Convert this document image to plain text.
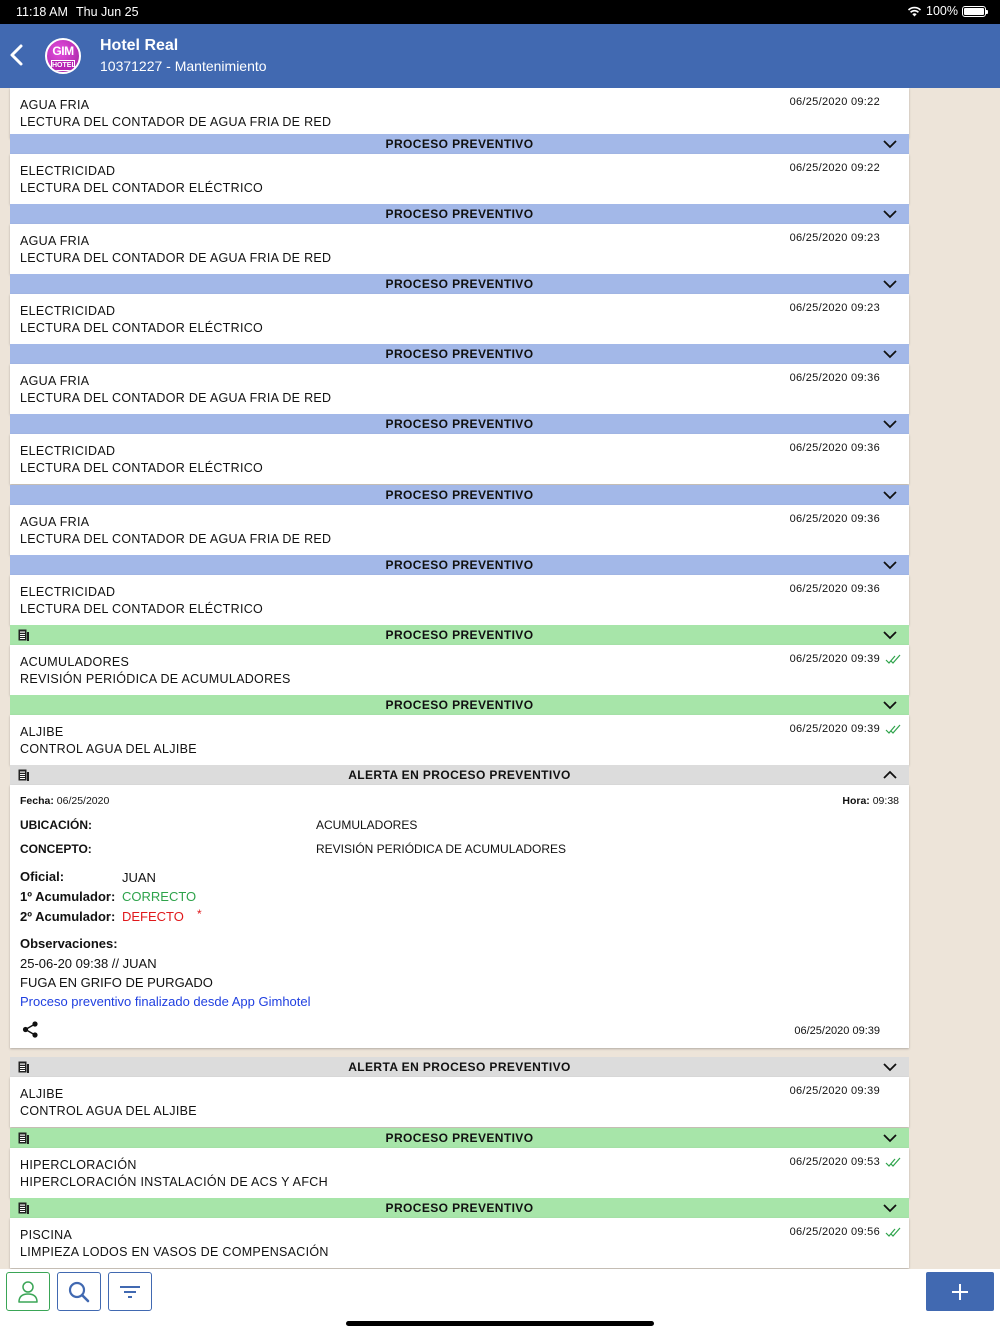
11:18 AM Thu Jun 25	100%
GIM
HOTEL
Hotel Real
10371227 - Mantenimiento
AGUA FRIA
LECTURA DEL CONTADOR DE AGUA FRIA DE RED
06/25/2020 09:22
PROCESO PREVENTIVO
ELECTRICIDAD
LECTURA DEL CONTADOR ELÉCTRICO
06/25/2020 09:22
PROCESO PREVENTIVO
AGUA FRIA
LECTURA DEL CONTADOR DE AGUA FRIA DE RED
06/25/2020 09:23
PROCESO PREVENTIVO
ELECTRICIDAD
LECTURA DEL CONTADOR ELÉCTRICO
06/25/2020 09:23
PROCESO PREVENTIVO
AGUA FRIA
LECTURA DEL CONTADOR DE AGUA FRIA DE RED
06/25/2020 09:36
PROCESO PREVENTIVO
ELECTRICIDAD
LECTURA DEL CONTADOR ELÉCTRICO
06/25/2020 09:36
PROCESO PREVENTIVO
AGUA FRIA
LECTURA DEL CONTADOR DE AGUA FRIA DE RED
06/25/2020 09:36
PROCESO PREVENTIVO
ELECTRICIDAD
LECTURA DEL CONTADOR ELÉCTRICO
06/25/2020 09:36
PROCESO PREVENTIVO
ACUMULADORES
REVISIÓN PERIÓDICA DE ACUMULADORES
06/25/2020 09:39
PROCESO PREVENTIVO
ALJIBE
CONTROL AGUA DEL ALJIBE
06/25/2020 09:39
ALERTA EN PROCESO PREVENTIVO
Fecha: 06/25/2020	Hora: 09:38
UBICACIÓN:	ACUMULADORES
CONCEPTO:	REVISIÓN PERIÓDICA DE ACUMULADORES
Oficial:	JUAN
1º Acumulador: CORRECTO
2º Acumulador: DEFECTO *
Observaciones:
25-06-20 09:38 // JUAN
FUGA EN GRIFO DE PURGADO
Proceso preventivo finalizado desde App Gimhotel
06/25/2020 09:39
ALERTA EN PROCESO PREVENTIVO
ALJIBE
CONTROL AGUA DEL ALJIBE
06/25/2020 09:39
PROCESO PREVENTIVO
HIPERCLORACIÓN
HIPERCLORACIÓN INSTALACIÓN DE ACS Y AFCH
06/25/2020 09:53
PROCESO PREVENTIVO
PISCINA
LIMPIEZA LODOS EN VASOS DE COMPENSACIÓN
06/25/2020 09:56
